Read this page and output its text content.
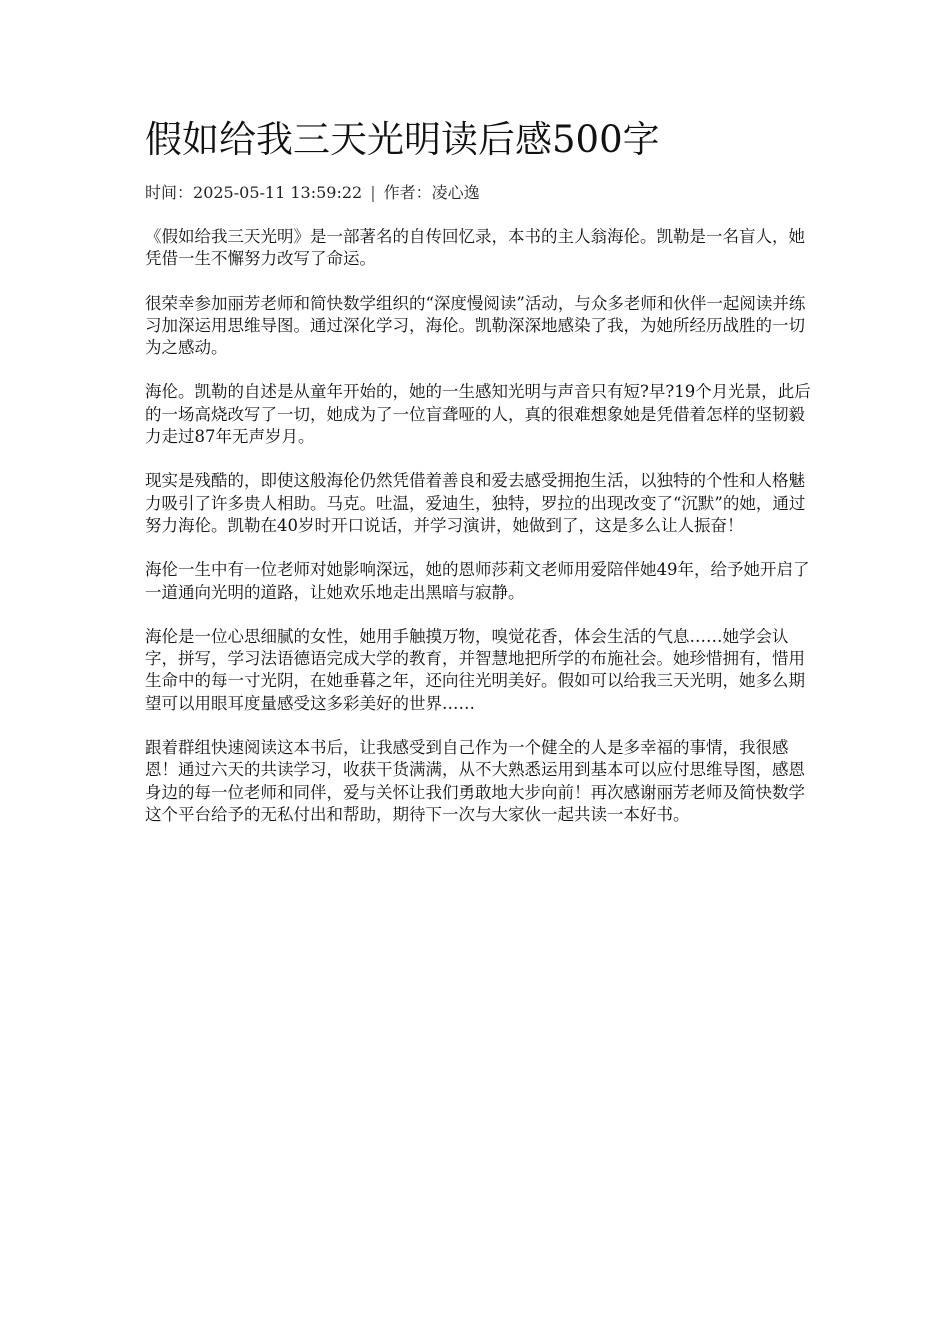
假如给我三天光明读后感500字
时间：2025-05-11 13:59:22 | 作者：凌心逸

《假如给我三天光明》是一部著名的自传回忆录，本书的主人翁海伦。凯勒是一名盲人，她凭借一生不懈努力改写了命运。

很荣幸参加丽芳老师和简快数学组织的“深度慢阅读”活动，与众多老师和伙伴一起阅读并练习加深运用思维导图。通过深化学习，海伦。凯勒深深地感染了我，为她所经历战胜的一切为之感动。

海伦。凯勒的自述是从童年开始的，她的一生感知光明与声音只有短?早?19个月光景，此后的一场高烧改写了一切，她成为了一位盲聋哑的人，真的很难想象她是凭借着怎样的坚韧毅力走过87年无声岁月。

现实是残酷的，即使这般海伦仍然凭借着善良和爱去感受拥抱生活，以独特的个性和人格魅力吸引了许多贵人相助。马克。吐温，爱迪生，独特，罗拉的出现改变了“沉默”的她，通过努力海伦。凯勒在40岁时开口说话，并学习演讲，她做到了，这是多么让人振奋！

海伦一生中有一位老师对她影响深远，她的恩师莎莉文老师用爱陪伴她49年，给予她开启了一道通向光明的道路，让她欢乐地走出黑暗与寂静。

海伦是一位心思细腻的女性，她用手触摸万物，嗅觉花香，体会生活的气息……她学会认字，拼写，学习法语德语完成大学的教育，并智慧地把所学的布施社会。她珍惜拥有，惜用生命中的每一寸光阴，在她垂暮之年，还向往光明美好。假如可以给我三天光明，她多么期望可以用眼耳度量感受这多彩美好的世界……

跟着群组快速阅读这本书后，让我感受到自己作为一个健全的人是多幸福的事情，我很感恩！通过六天的共读学习，收获干货满满，从不大熟悉运用到基本可以应付思维导图，感恩身边的每一位老师和同伴，爱与关怀让我们勇敢地大步向前！再次感谢丽芳老师及简快数学这个平台给予的无私付出和帮助，期待下一次与大家伙一起共读一本好书。
